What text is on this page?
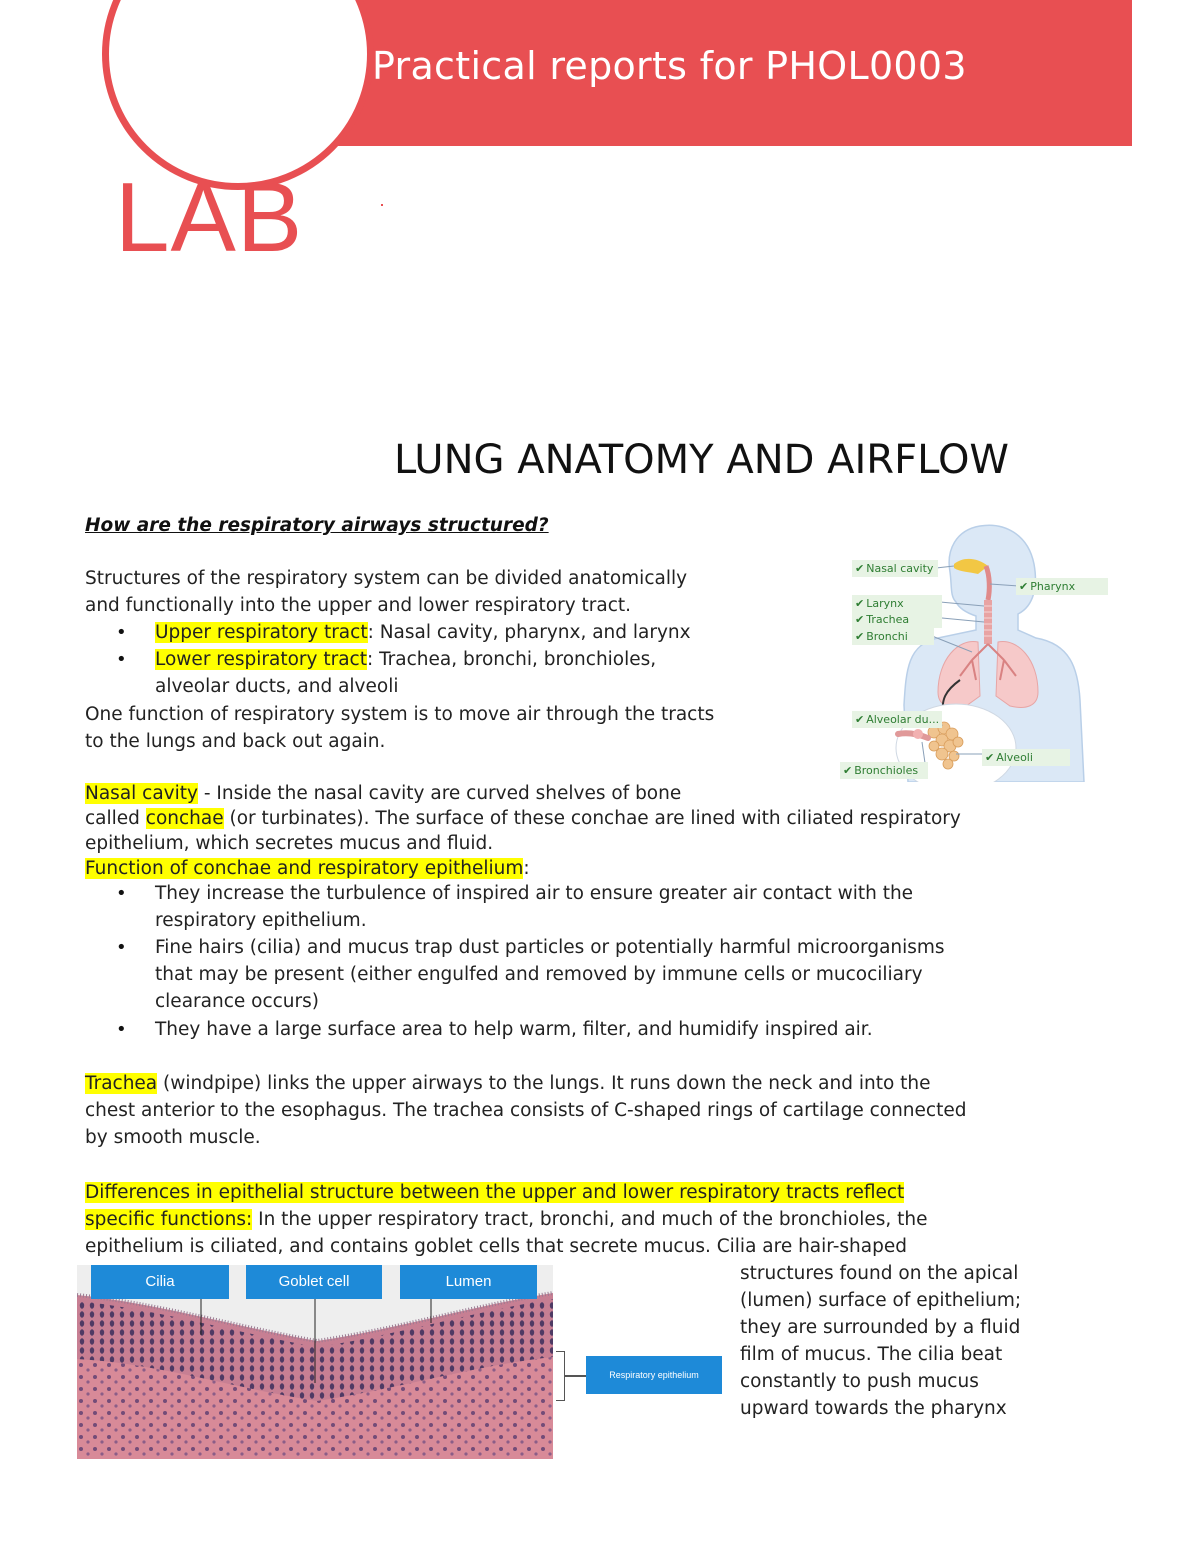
Practical reports for PHOL0003
LAB
LUNG ANATOMY AND AIRFLOW
How are the respiratory airways structured?
Structures of the respiratory system can be divided anatomically
and functionally into the upper and lower respiratory tract.
• Upper respiratory tract: Nasal cavity, pharynx, and larynx
• Lower respiratory tract: Trachea, bronchi, bronchioles,
alveolar ducts, and alveoli
One function of respiratory system is to move air through the tracts
to the lungs and back out again.
✔ Nasal cavity
✔ Pharynx
✔ Larynx
✔ Trachea
✔ Bronchi
✔ Alveolar du...
✔ Alveoli
✔ Bronchioles
Nasal cavity - Inside the nasal cavity are curved shelves of bone
called conchae (or turbinates). The surface of these conchae are lined with ciliated respiratory
epithelium, which secretes mucus and fluid.
Function of conchae and respiratory epithelium:
• They increase the turbulence of inspired air to ensure greater air contact with the
respiratory epithelium.
• Fine hairs (cilia) and mucus trap dust particles or potentially harmful microorganisms
that may be present (either engulfed and removed by immune cells or mucociliary
clearance occurs)
• They have a large surface area to help warm, filter, and humidify inspired air.
Trachea (windpipe) links the upper airways to the lungs. It runs down the neck and into the
chest anterior to the esophagus. The trachea consists of C-shaped rings of cartilage connected
by smooth muscle.
Differences in epithelial structure between the upper and lower respiratory tracts reflect
specific functions: In the upper respiratory tract, bronchi, and much of the bronchioles, the
epithelium is ciliated, and contains goblet cells that secrete mucus. Cilia are hair-shaped
structures found on the apical
(lumen) surface of epithelium;
they are surrounded by a fluid
film of mucus. The cilia beat
constantly to push mucus
upward towards the pharynx
Cilia	Goblet cell	Lumen
Respiratory epithelium
